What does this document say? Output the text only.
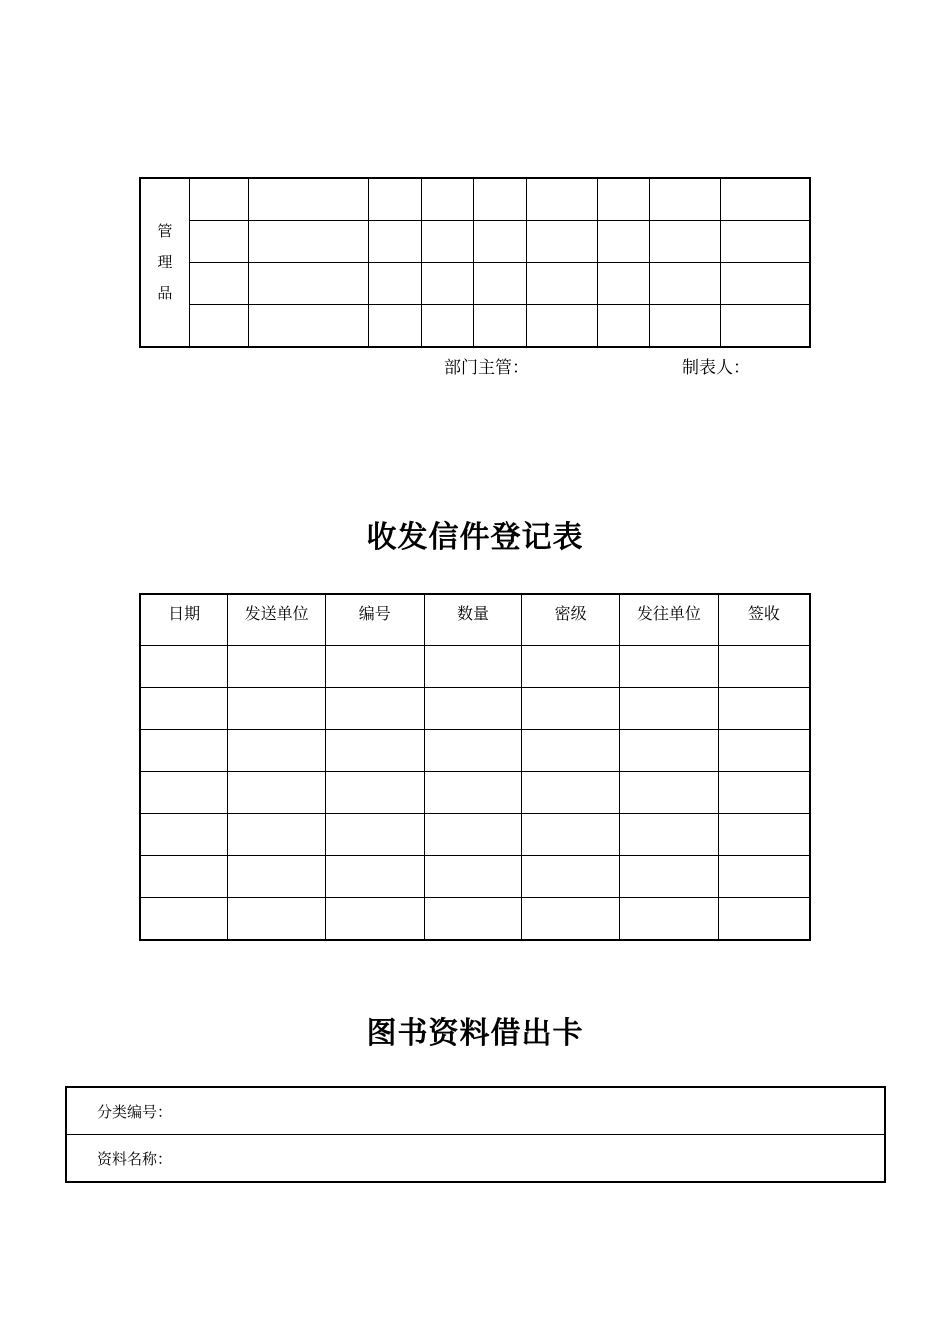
管
理
品									

部门主管：	制表人：
收发信件登记表
日期	发送单位	编号	数量	密级	发往单位	签收

图书资料借出卡
分类编号：
资料名称：
